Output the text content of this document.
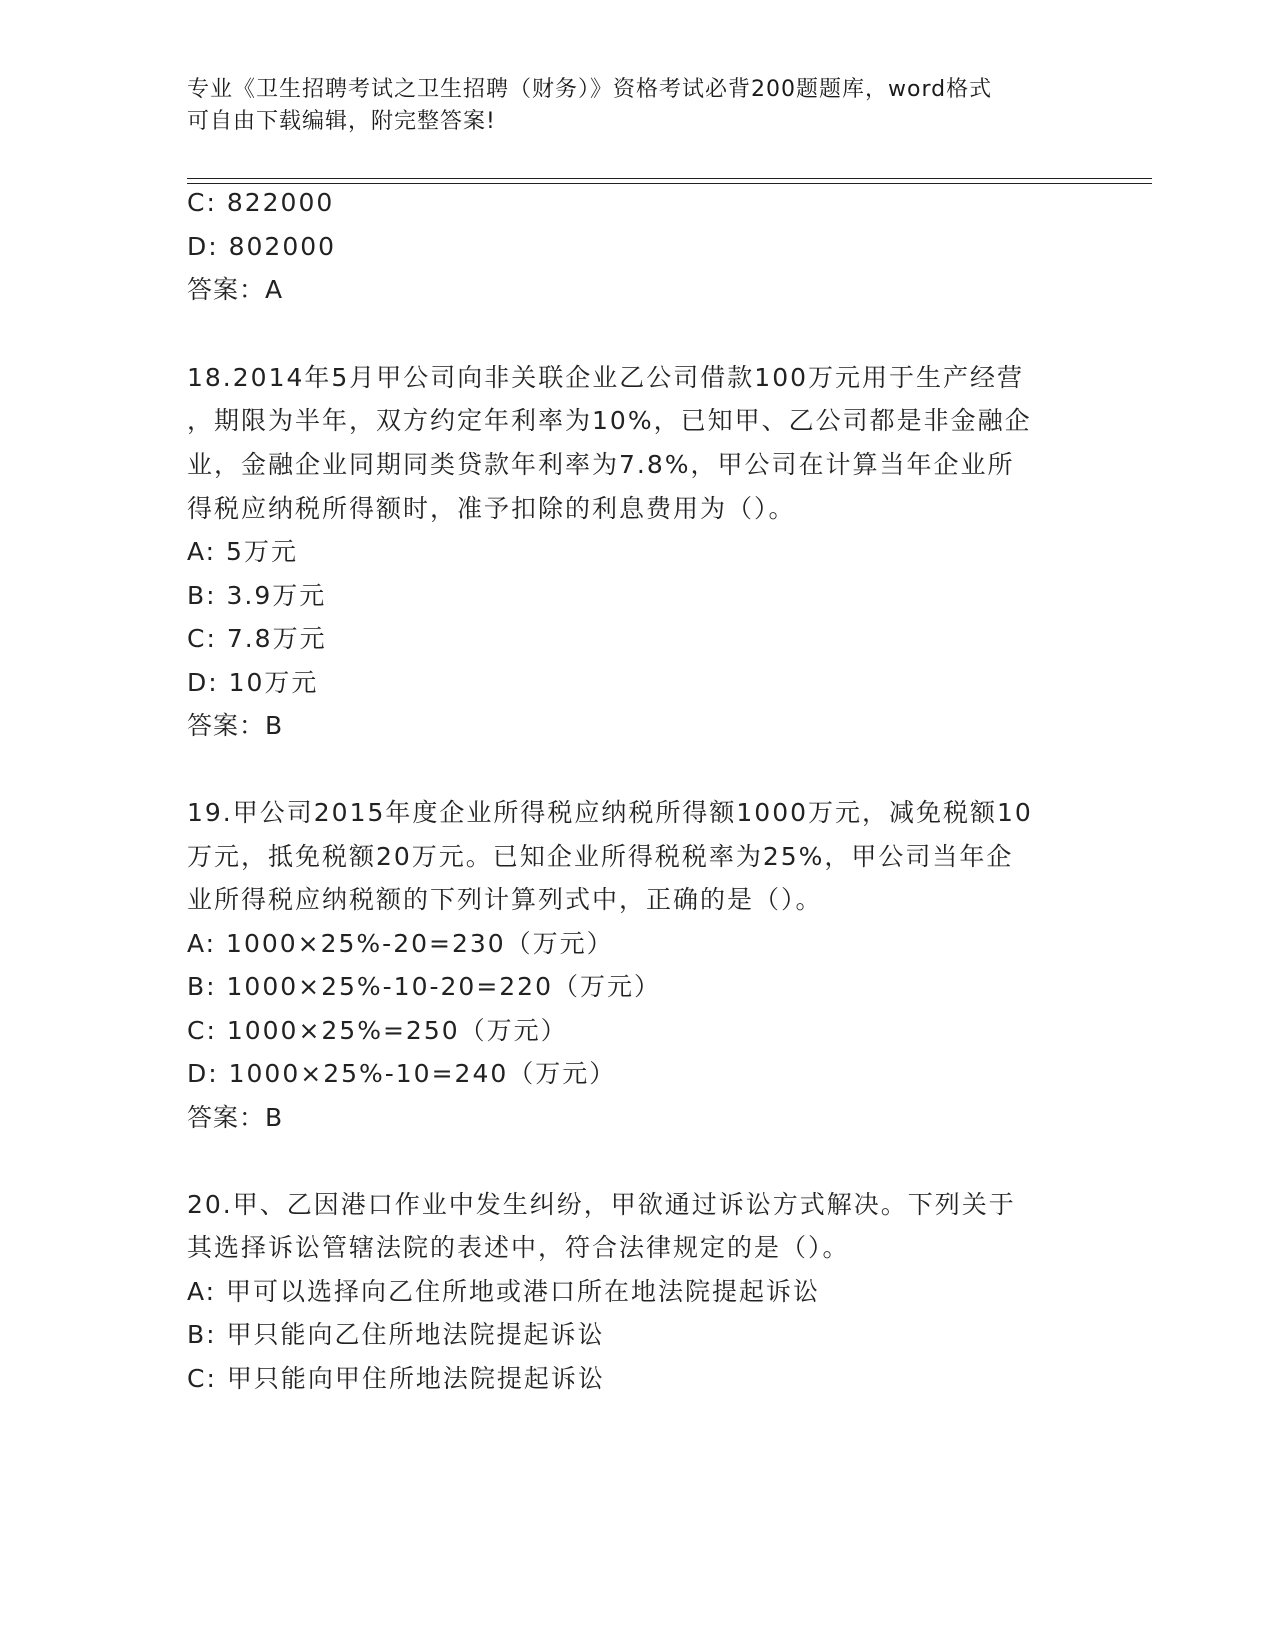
专业《卫生招聘考试之卫生招聘（财务）》资格考试必背200题题库，word格式
可自由下载编辑，附完整答案!
C: 822000
D: 802000
答案：A
18.2014年5月甲公司向非关联企业乙公司借款100万元用于生产经营
，期限为半年，双方约定年利率为10%，已知甲、乙公司都是非金融企
业，金融企业同期同类贷款年利率为7.8%，甲公司在计算当年企业所
得税应纳税所得额时，准予扣除的利息费用为（）。
A: 5万元
B: 3.9万元
C: 7.8万元
D: 10万元
答案：B
19.甲公司2015年度企业所得税应纳税所得额1000万元，减免税额10
万元，抵免税额20万元。已知企业所得税税率为25%，甲公司当年企
业所得税应纳税额的下列计算列式中，正确的是（）。
A: 1000×25%-20=230（万元）
B: 1000×25%-10-20=220（万元）
C: 1000×25%=250（万元）
D: 1000×25%-10=240（万元）
答案：B
20.甲、乙因港口作业中发生纠纷，甲欲通过诉讼方式解决。下列关于
其选择诉讼管辖法院的表述中，符合法律规定的是（）。
A: 甲可以选择向乙住所地或港口所在地法院提起诉讼
B: 甲只能向乙住所地法院提起诉讼
C: 甲只能向甲住所地法院提起诉讼
